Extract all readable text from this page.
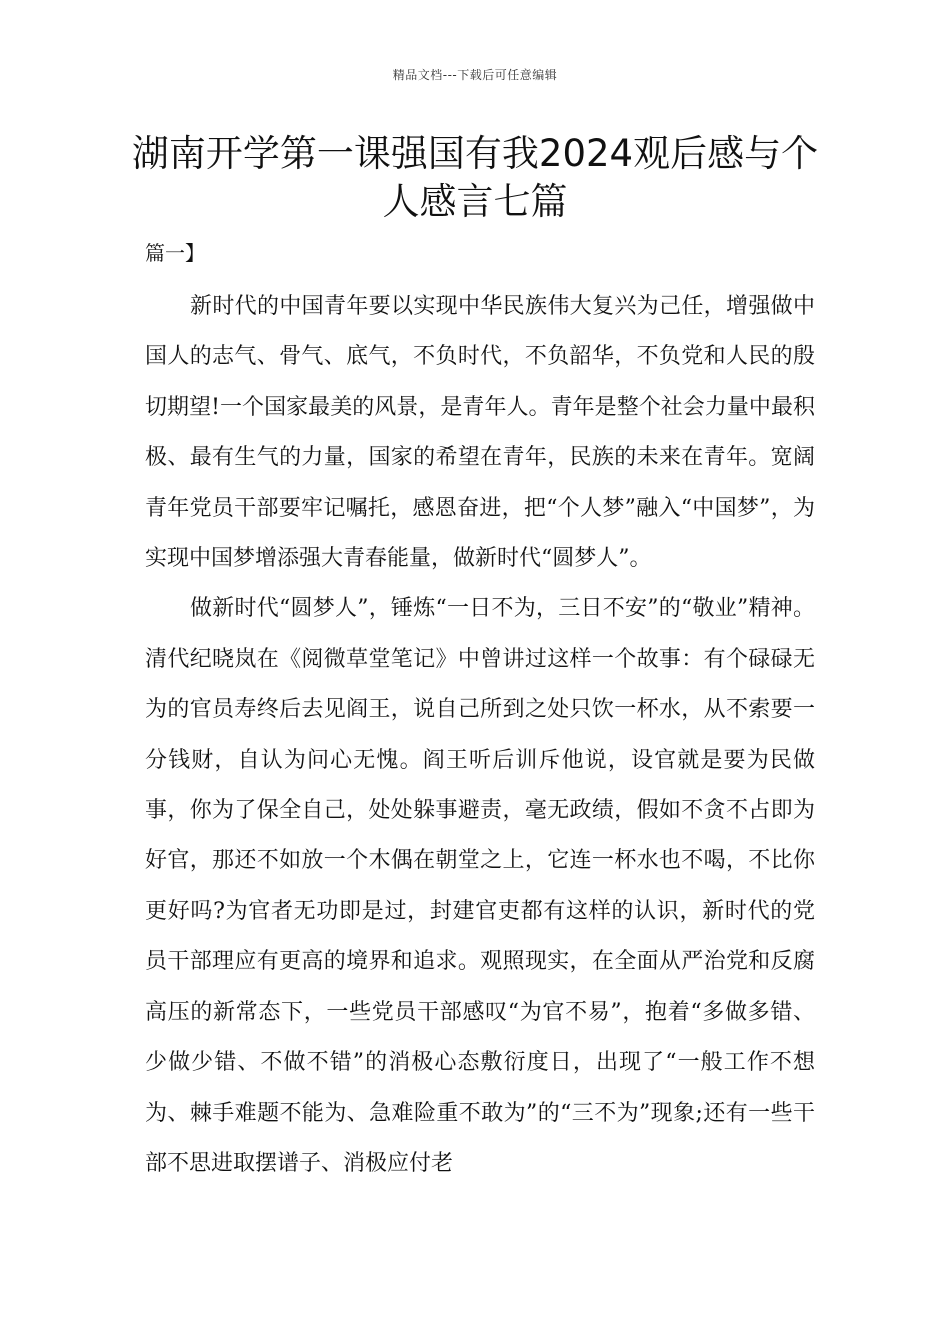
精品文档---下载后可任意编辑
湖南开学第一课强国有我2024观后感与个人感言七篇

篇一】

新时代的中国青年要以实现中华民族伟大复兴为己任，增强做中国人的志气、骨气、底气，不负时代，不负韶华，不负党和人民的殷切期望!一个国家最美的风景，是青年人。青年是整个社会力量中最积极、最有生气的力量，国家的希望在青年，民族的未来在青年。宽阔青年党员干部要牢记嘱托，感恩奋进，把“个人梦”融入“中国梦”，为实现中国梦增添强大青春能量，做新时代“圆梦人”。

做新时代“圆梦人”，锤炼“一日不为，三日不安”的“敬业”精神。清代纪晓岚在《阅微草堂笔记》中曾讲过这样一个故事：有个碌碌无为的官员寿终后去见阎王，说自己所到之处只饮一杯水，从不索要一分钱财，自认为问心无愧。阎王听后训斥他说，设官就是要为民做事，你为了保全自己，处处躲事避责，毫无政绩，假如不贪不占即为好官，那还不如放一个木偶在朝堂之上，它连一杯水也不喝，不比你更好吗?为官者无功即是过，封建官吏都有这样的认识，新时代的党员干部理应有更高的境界和追求。观照现实，在全面从严治党和反腐高压的新常态下，一些党员干部感叹“为官不易”，抱着“多做多错、少做少错、不做不错”的消极心态敷衍度日，出现了“一般工作不想为、棘手难题不能为、急难险重不敢为”的“三不为”现象;还有一些干部不思进取摆谱子、消极应付老
